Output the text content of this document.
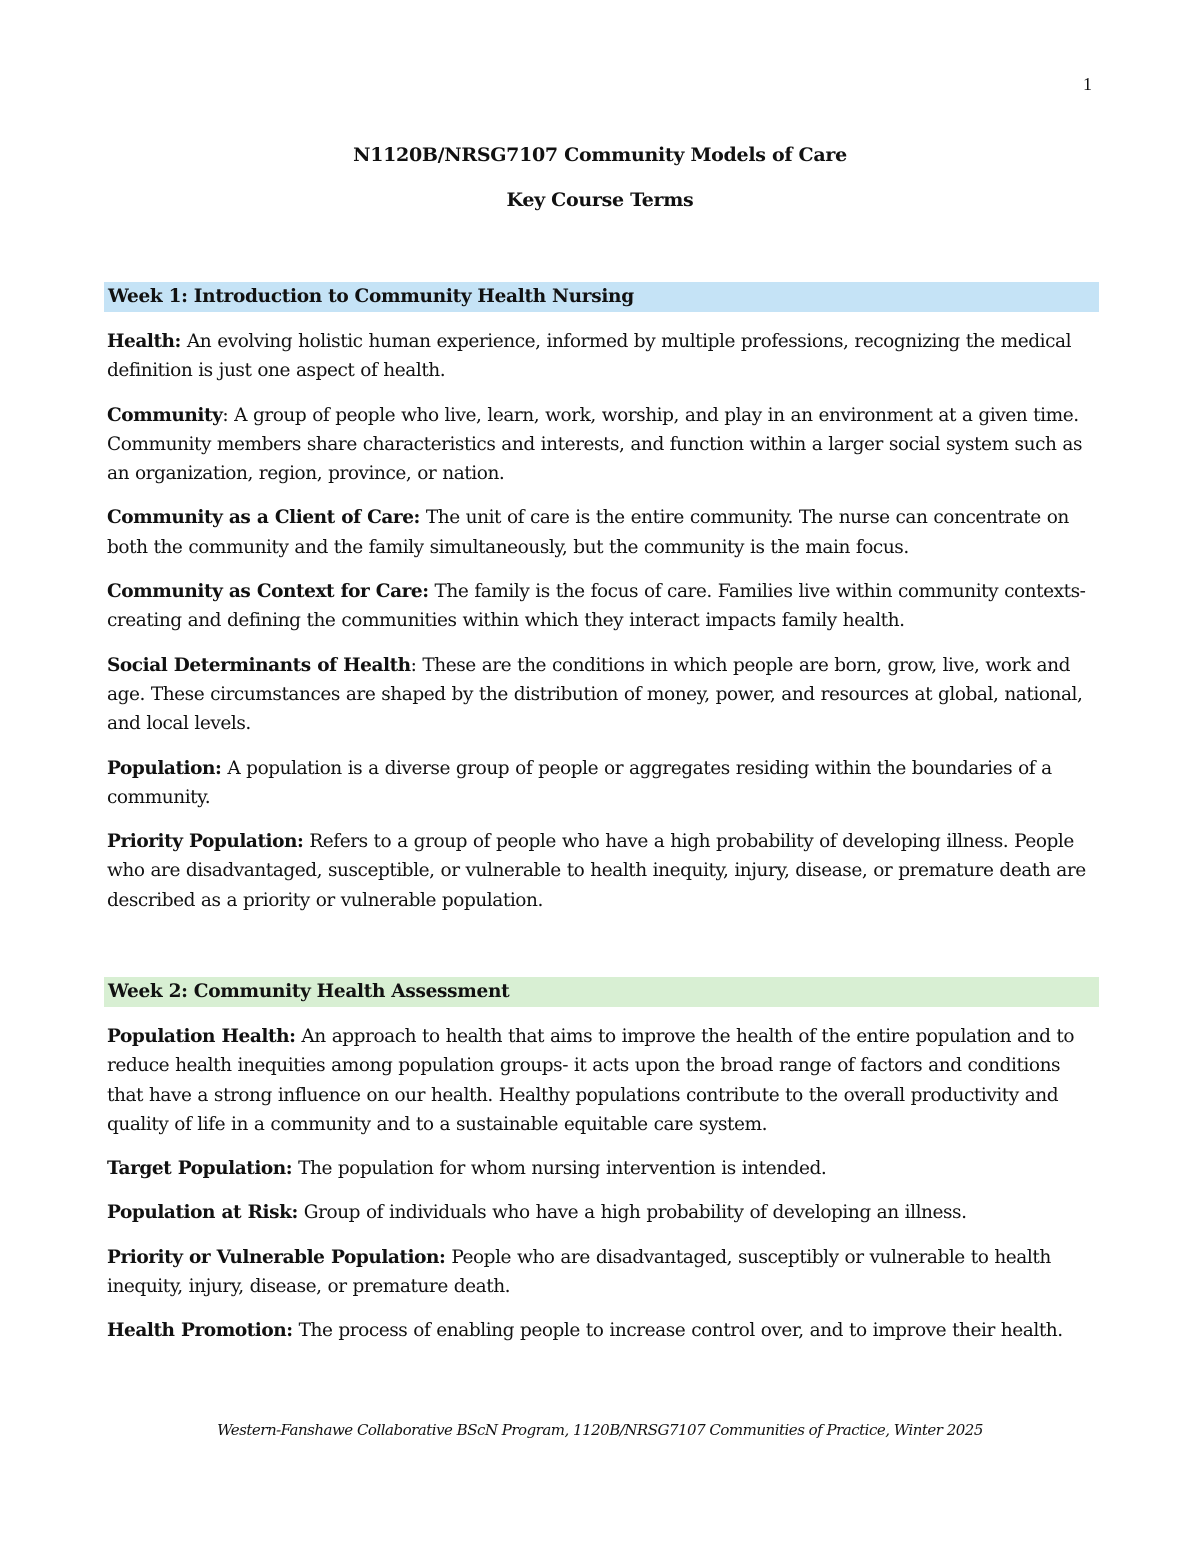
1
N1120B/NRSG7107 Community Models of Care
Key Course Terms
Week 1: Introduction to Community Health Nursing

Health: An evolving holistic human experience, informed by multiple professions, recognizing the medical definition is just one aspect of health.

Community: A group of people who live, learn, work, worship, and play in an environment at a given time. Community members share characteristics and interests, and function within a larger social system such as an organization, region, province, or nation.

Community as a Client of Care: The unit of care is the entire community. The nurse can concentrate on both the community and the family simultaneously, but the community is the main focus.

Community as Context for Care: The family is the focus of care. Families live within community contexts- creating and defining the communities within which they interact impacts family health.

Social Determinants of Health: These are the conditions in which people are born, grow, live, work and age. These circumstances are shaped by the distribution of money, power, and resources at global, national, and local levels.

Population: A population is a diverse group of people or aggregates residing within the boundaries of a community.

Priority Population: Refers to a group of people who have a high probability of developing illness. People who are disadvantaged, susceptible, or vulnerable to health inequity, injury, disease, or premature death are described as a priority or vulnerable population.

Week 2: Community Health Assessment

Population Health: An approach to health that aims to improve the health of the entire population and to reduce health inequities among population groups- it acts upon the broad range of factors and conditions that have a strong influence on our health. Healthy populations contribute to the overall productivity and quality of life in a community and to a sustainable equitable care system.

Target Population: The population for whom nursing intervention is intended.

Population at Risk: Group of individuals who have a high probability of developing an illness.

Priority or Vulnerable Population: People who are disadvantaged, susceptibly or vulnerable to health inequity, injury, disease, or premature death.

Health Promotion: The process of enabling people to increase control over, and to improve their health.

Western-Fanshawe Collaborative BScN Program, 1120B/NRSG7107 Communities of Practice, Winter 2025
